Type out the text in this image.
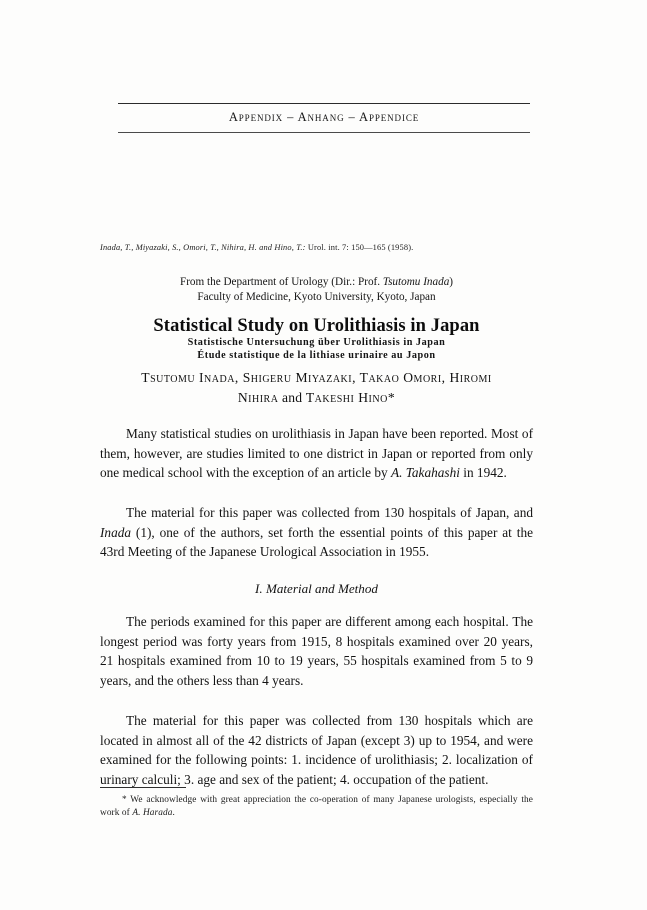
Appendix – Anhang – Appendice
Inada, T., Miyazaki, S., Omori, T., Nihira, H. and Hino, T.: Urol. int. 7: 150—165 (1958).
From the Department of Urology (Dir.: Prof. Tsutomu Inada)
Faculty of Medicine, Kyoto University, Kyoto, Japan
Statistical Study on Urolithiasis in Japan
Statistische Untersuchung über Urolithiasis in Japan
Étude statistique de la lithiase urinaire au Japon
Tsutomu Inada, Shigeru Miyazaki, Takao Omori, Hiromi
Nihira and Takeshi Hino*
Many statistical studies on urolithiasis in Japan have been reported. Most of them, however, are studies limited to one district in Japan or reported from only one medical school with the exception of an article by A. Takahashi in 1942.
The material for this paper was collected from 130 hospitals of Japan, and Inada (1), one of the authors, set forth the essential points of this paper at the 43rd Meeting of the Japanese Urological Association in 1955.
I. Material and Method
The periods examined for this paper are different among each hospital. The longest period was forty years from 1915, 8 hospitals examined over 20 years, 21 hospitals examined from 10 to 19 years, 55 hospitals examined from 5 to 9 years, and the others less than 4 years.
The material for this paper was collected from 130 hospitals which are located in almost all of the 42 districts of Japan (except 3) up to 1954, and were examined for the following points: 1. incidence of urolithiasis; 2. localization of urinary calculi; 3. age and sex of the patient; 4. occupation of the patient.
* We acknowledge with great appreciation the co-operation of many Japanese urologists, especially the work of A. Harada.
